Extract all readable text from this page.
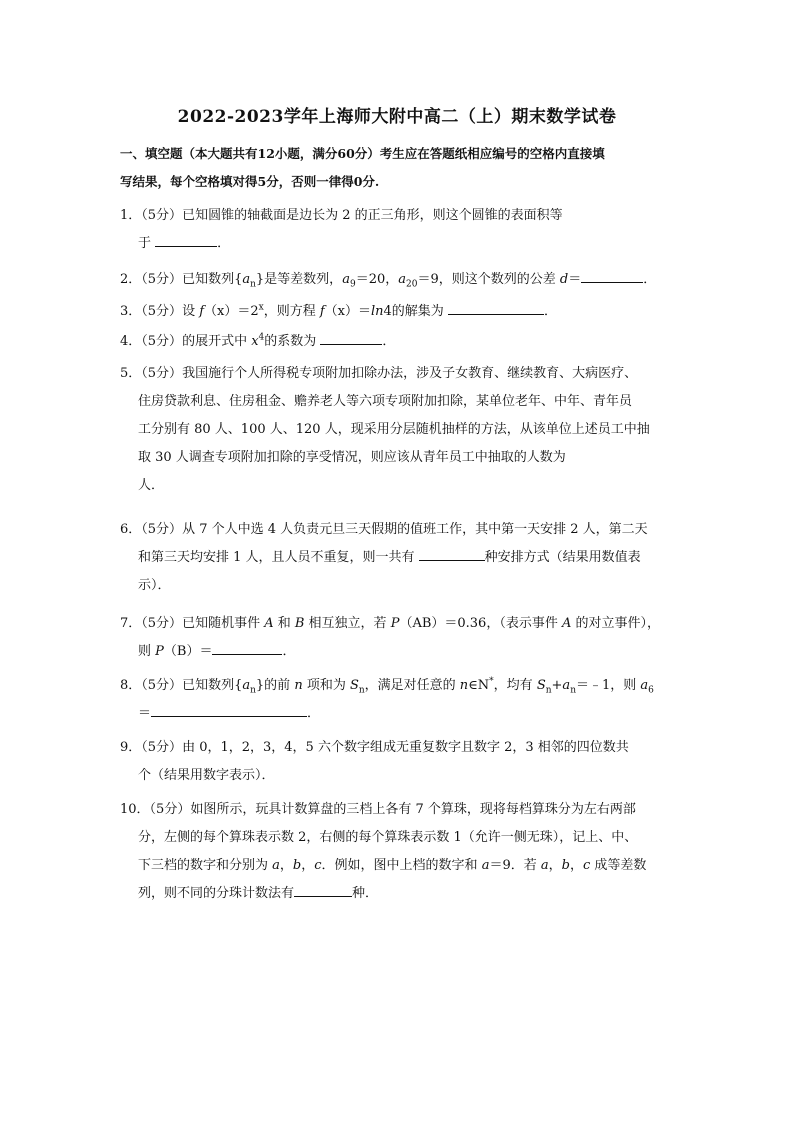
2022-2023学年上海师大附中高二（上）期末数学试卷
一、填空题（本大题共有12小题，满分60分）考生应在答题纸相应编号的空格内直接填
写结果，每个空格填对得5分，否则一律得0分.
1．（5分）已知圆锥的轴截面是边长为 2 的正三角形，则这个圆锥的表面积等
于	．
2．（5分）已知数列$\{a_n\}$是等差数列，$a_9=20$，$a_{20}=9$，则这个数列的公差 d＝	．
3．（5分）设 $f(x)=2^x$，则方程 f（x）＝ln4的解集为	．
4．（5分）的展开式中 $x^4$的系数为	．
5．（5分）我国施行个人所得税专项附加扣除办法，涉及子女教育、继续教育、大病医疗、
住房贷款利息、住房租金、赡养老人等六项专项附加扣除，某单位老年、中年、青年员
工分别有 80 人、100 人、120 人，现采用分层随机抽样的方法，从该单位上述员工中抽
取 30 人调查专项附加扣除的享受情况，则应该从青年员工中抽取的人数为
人．
6．（5分）从 7 个人中选 4 人负责元旦三天假期的值班工作，其中第一天安排 2 人，第二天
和第三天均安排 1 人，且人员不重复，则一共有	种安排方式（结果用数值表
示）．
7．（5分）已知随机事件 A 和 B 相互独立，若 P（AB）＝0.36，（表示事件 A 的对立事件），
则 P（B）＝	．
8．（5分）已知数列$\{a_n\}$的前 n 项和为 $S_n$，满足对任意的 n∈N*，均有 $S_n+a_n=﹣1$，则 $a_6$
＝	．
9．（5分）由 0，1，2，3，4，5 六个数字组成无重复数字且数字 2，3 相邻的四位数共
个（结果用数字表示）．
10．（5分）如图所示，玩具计数算盘的三档上各有 7 个算珠，现将每档算珠分为左右两部
分，左侧的每个算珠表示数 2，右侧的每个算珠表示数 1（允许一侧无珠），记上、中、
下三档的数字和分别为 a，b，c．例如，图中上档的数字和 a＝9．若 a，b，c 成等差数
列，则不同的分珠计数法有	种．
